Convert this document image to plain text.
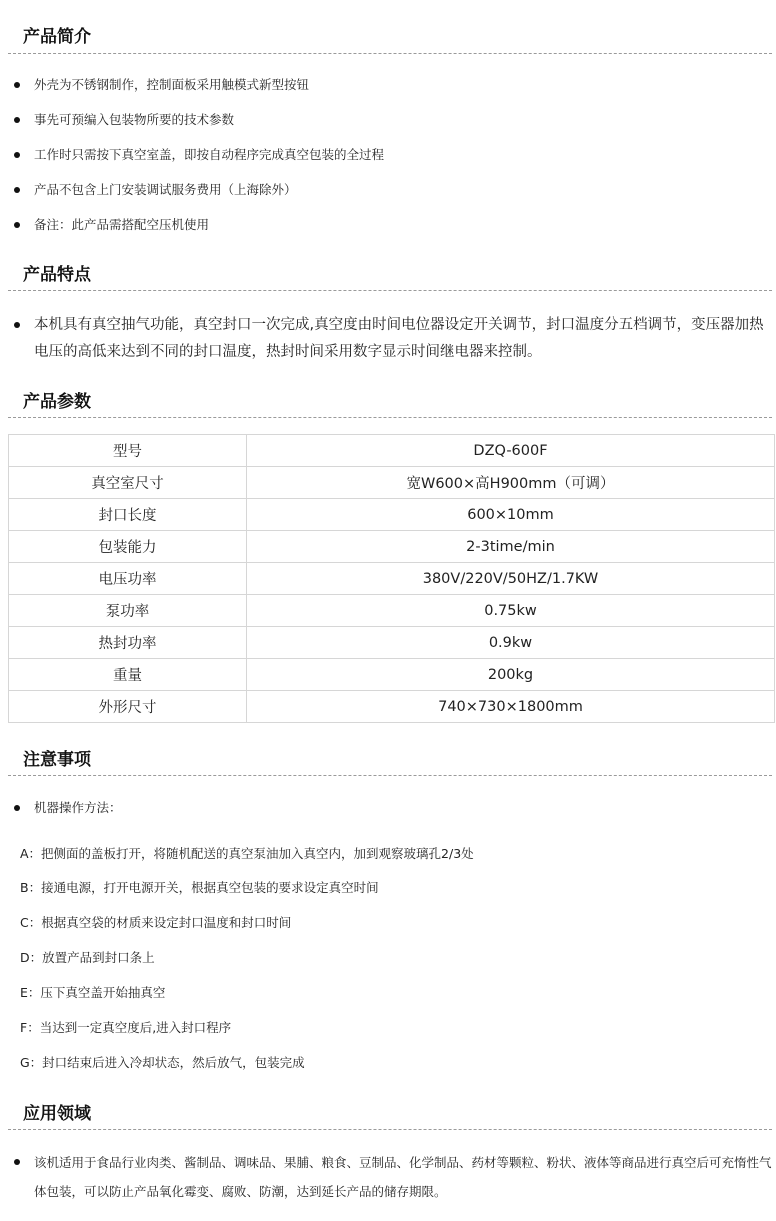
产品简介
外壳为不锈钢制作，控制面板采用触模式新型按钮
事先可预编入包装物所要的技术参数
工作时只需按下真空室盖，即按自动程序完成真空包装的全过程
产品不包含上门安装调试服务费用（上海除外）
备注：此产品需搭配空压机使用
产品特点
本机具有真空抽气功能，真空封口一次完成,真空度由时间电位器设定开关调节，封口温度分五档调节，变压器加热电压的高低来达到不同的封口温度，热封时间采用数字显示时间继电器来控制。
产品参数
型号	DZQ-600F
真空室尺寸	宽W600×高H900mm（可调）
封口长度	600×10mm
包装能力	2-3time/min
电压功率	380V/220V/50HZ/1.7KW
泵功率	0.75kw
热封功率	0.9kw
重量	200kg
外形尺寸	740×730×1800mm
注意事项
机器操作方法：
A：把侧面的盖板打开，将随机配送的真空泵油加入真空内，加到观察玻璃孔2/3处
B：接通电源，打开电源开关，根据真空包装的要求设定真空时间
C：根据真空袋的材质来设定封口温度和封口时间
D：放置产品到封口条上
E：压下真空盖开始抽真空
F：当达到一定真空度后,进入封口程序
G：封口结束后进入冷却状态，然后放气，包装完成
应用领域
该机适用于食品行业肉类、酱制品、调味品、果脯、粮食、豆制品、化学制品、药材等颗粒、粉状、液体等商品进行真空后可充惰性气体包装，可以防止产品氧化霉变、腐败、防潮，达到延长产品的储存期限。
